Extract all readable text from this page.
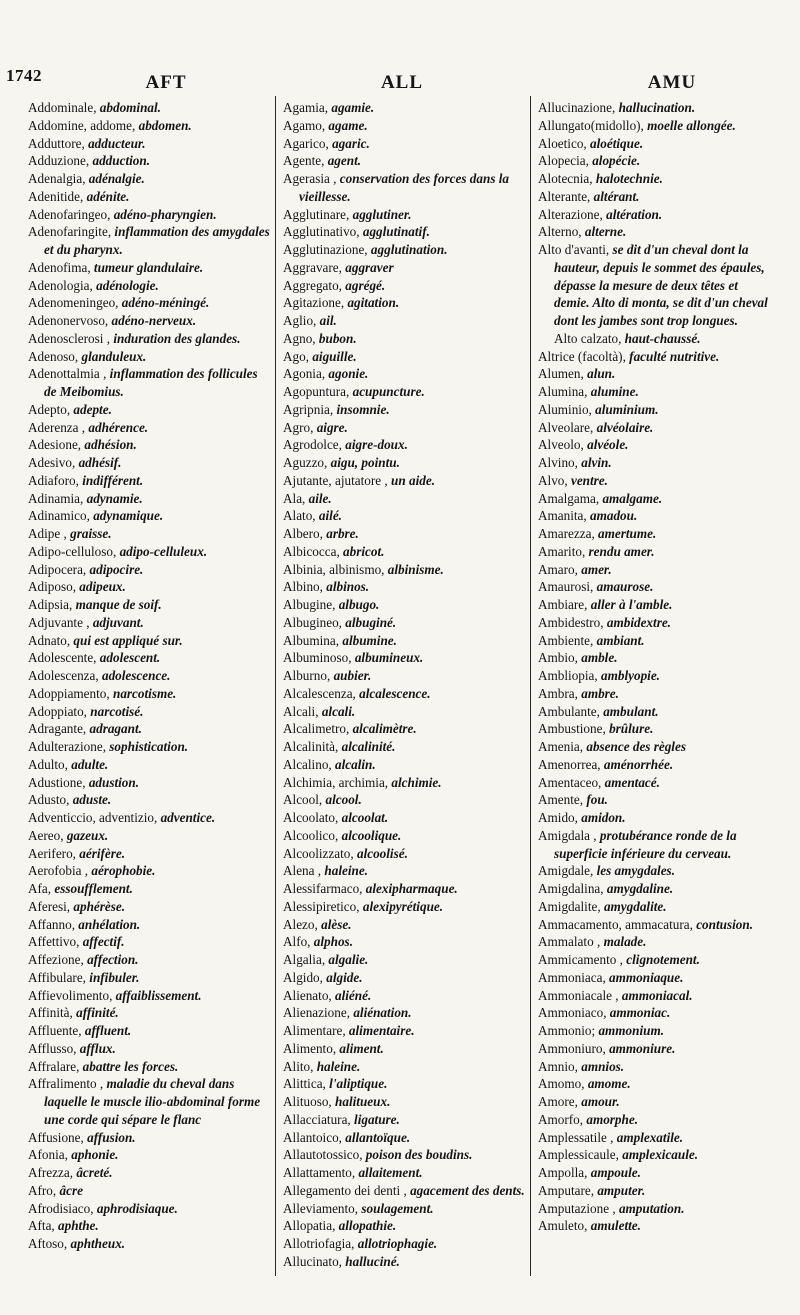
1742	AFT	ALL	AMU
Addominale, abdominal.
Addomine, addome, abdomen.
Adduttore, adducteur.
Adduzione, adduction.
Adenalgia, adénalgie.
Adenitide, adénite.
Adenofaringeo, adéno-pharyngien.
Adenofaringite, inflammation des amygdales et du pharynx.
Adenofima, tumeur glandulaire.
Adenologia, adénologie.
Adenomeningeo, adéno-méningé.
Adenonervoso, adéno-nerveux.
Adenosclerosi , induration des glandes.
Adenoso, glanduleux.
Adenottalmia , inflammation des follicules de Meibomius.
Adepto, adepte.
Aderenza , adhérence.
Adesione, adhésion.
Adesivo, adhésif.
Adiaforo, indifférent.
Adinamia, adynamie.
Adinamico, adynamique.
Adipe , graisse.
Adipo-celluloso, adipo-celluleux.
Adipocera, adipocire.
Adiposo, adipeux.
Adipsia, manque de soif.
Adjuvante , adjuvant.
Adnato, qui est appliqué sur.
Adolescente, adolescent.
Adolescenza, adolescence.
Adoppiamento, narcotisme.
Adoppiato, narcotisé.
Adragante, adragant.
Adulterazione, sophistication.
Adulto, adulte.
Adustione, adustion.
Adusto, aduste.
Adventiccio, adventizio, adventice.
Aereo, gazeux.
Aerifero, aérifère.
Aerofobia , aérophobie.
Afa, essoufflement.
Aferesi, aphérèse.
Affanno, anhélation.
Affettivo, affectif.
Affezione, affection.
Affibulare, infibuler.
Affievolimento, affaiblissement.
Affinità, affinité.
Affluente, affluent.
Afflusso, afflux.
Affralare, abattre les forces.
Affralimento , maladie du cheval dans laquelle le muscle ilio-abdominal forme une corde qui sépare le flanc
Affusione, affusion.
Afonia, aphonie.
Afrezza, âcreté.
Afro, âcre
Afrodisiaco, aphrodisiaque.
Afta, aphthe.
Aftoso, aphtheux.
Agamia, agamie.
Agamo, agame.
Agarico, agaric.
Agente, agent.
Agerasia , conservation des forces dans la vieillesse.
Agglutinare, agglutiner.
Agglutinativo, agglutinatif.
Agglutinazione, agglutination.
Aggravare, aggraver
Aggregato, agrégé.
Agitazione, agitation.
Aglio, ail.
Agno, bubon.
Ago, aiguille.
Agonia, agonie.
Agopuntura, acupuncture.
Agripnia, insomnie.
Agro, aigre.
Agrodolce, aigre-doux.
Aguzzo, aigu, pointu.
Ajutante, ajutatore , un aide.
Ala, aile.
Alato, ailé.
Albero, arbre.
Albicocca, abricot.
Albinia, albinismo, albinisme.
Albino, albinos.
Albugine, albugo.
Albugineo, albuginé.
Albumina, albumine.
Albuminoso, albumineux.
Alburno, aubier.
Alcalescenza, alcalescence.
Alcali, alcali.
Alcalimetro, alcalimètre.
Alcalinità, alcalinité.
Alcalino, alcalin.
Alchimia, archimia, alchimie.
Alcool, alcool.
Alcoolato, alcoolat.
Alcoolico, alcoolique.
Alcoolizzato, alcoolisé.
Alena , haleine.
Alessifarmaco, alexipharmaque.
Alessipiretico, alexipyrétique.
Alezo, alèse.
Alfo, alphos.
Algalia, algalie.
Algido, algide.
Alienato, aliéné.
Alienazione, aliénation.
Alimentare, alimentaire.
Alimento, aliment.
Alito, haleine.
Alittica, l'aliptique.
Alituoso, halitueux.
Allacciatura, ligature.
Allantoico, allantoïque.
Allautotossico, poison des boudins.
Allattamento, allaitement.
Allegamento dei denti , agacement des dents.
Alleviamento, soulagement.
Allopatia, allopathie.
Allotriofagia, allotriophagie.
Allucinato, halluciné.
Allucinazione, hallucination.
Allungato(midollo), moelle allongée.
Aloetico, aloétique.
Alopecia, alopécie.
Alotecnia, halotechnie.
Alterante, altérant.
Alterazione, altération.
Alterno, alterne.
Alto d'avanti, se dit d'un cheval dont la hauteur, depuis le sommet des épaules, dépasse la mesure de deux têtes et demie. Alto di monta, se dit d'un cheval dont les jambes sont trop longues.
Alto calzato, haut-chaussé.
Altrice (facoltà), faculté nutritive.
Alumen, alun.
Alumina, alumine.
Aluminio, aluminium.
Alveolare, alvéolaire.
Alveolo, alvéole.
Alvino, alvin.
Alvo, ventre.
Amalgama, amalgame.
Amanita, amadou.
Amarezza, amertume.
Amarito, rendu amer.
Amaro, amer.
Amaurosi, amaurose.
Ambiare, aller à l'amble.
Ambidestro, ambidextre.
Ambiente, ambiant.
Ambio, amble.
Ambliopia, amblyopie.
Ambra, ambre.
Ambulante, ambulant.
Ambustione, brûlure.
Amenia, absence des règles
Amenorrea, aménorrhée.
Amentaceo, amentacé.
Amente, fou.
Amido, amidon.
Amigdala , protubérance ronde de la superficie inférieure du cerveau.
Amigdale, les amygdales.
Amigdalina, amygdaline.
Amigdalite, amygdalite.
Ammacamento, ammacatura, contusion.
Ammalato , malade.
Ammicamento , clignotement.
Ammoniaca, ammoniaque.
Ammoniacale , ammoniacal.
Ammoniaco, ammoniac.
Ammonio; ammonium.
Ammoniuro, ammoniure.
Amnio, amnios.
Amomo, amome.
Amore, amour.
Amorfo, amorphe.
Amplessatile , amplexatile.
Amplessicaule, amplexicaule.
Ampolla, ampoule.
Amputare, amputer.
Amputazione , amputation.
Amuleto, amulette.
